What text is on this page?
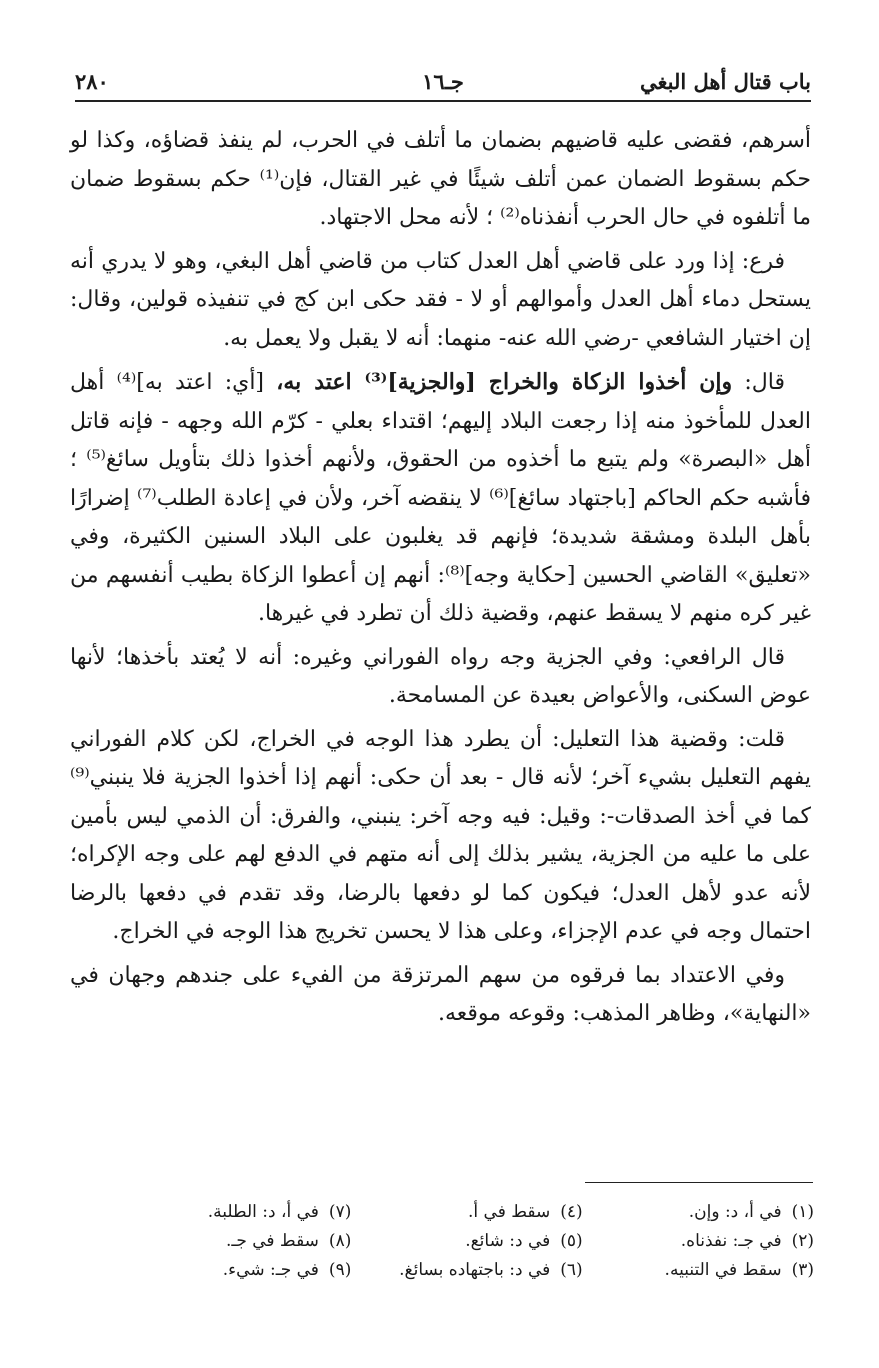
باب قتال أهل البغي
جـ١٦
٢٨٠

أسرهم، فقضى عليه قاضيهم بضمان ما أتلف في الحرب، لم ينفذ قضاؤه، وكذا لو حكم بسقوط الضمان عمن أتلف شيئًا في غير القتال، فإن⁽¹⁾ حكم بسقوط ضمان ما أتلفوه في حال الحرب أنفذناه⁽²⁾ ؛ لأنه محل الاجتهاد.

فرع: إذا ورد على قاضي أهل العدل كتاب من قاضي أهل البغي، وهو لا يدري أنه يستحل دماء أهل العدل وأموالهم أو لا - فقد حكى ابن كج في تنفيذه قولين، وقال: إن اختيار الشافعي -رضي الله عنه- منهما: أنه لا يقبل ولا يعمل به.

قال: وإن أخذوا الزكاة والخراج [والجزية]⁽³⁾ اعتد به، [أي: اعتد به]⁽⁴⁾ أهل العدل للمأخوذ منه إذا رجعت البلاد إليهم؛ اقتداء بعلي - كرّم الله وجهه - فإنه قاتل أهل «البصرة» ولم يتبع ما أخذوه من الحقوق، ولأنهم أخذوا ذلك بتأويل سائغ⁽⁵⁾ ؛ فأشبه حكم الحاكم [باجتهاد سائغ]⁽⁶⁾ لا ينقضه آخر، ولأن في إعادة الطلب⁽⁷⁾ إضرارًا بأهل البلدة ومشقة شديدة؛ فإنهم قد يغلبون على البلاد السنين الكثيرة، وفي «تعليق» القاضي الحسين [حكاية وجه]⁽⁸⁾: أنهم إن أعطوا الزكاة بطيب أنفسهم من غير كره منهم لا يسقط عنهم، وقضية ذلك أن تطرد في غيرها.

قال الرافعي: وفي الجزية وجه رواه الفوراني وغيره: أنه لا يُعتد بأخذها؛ لأنها عوض السكنى، والأعواض بعيدة عن المسامحة.

قلت: وقضية هذا التعليل: أن يطرد هذا الوجه في الخراج، لكن كلام الفوراني يفهم التعليل بشيء آخر؛ لأنه قال - بعد أن حكى: أنهم إذا أخذوا الجزية فلا ينبني⁽⁹⁾ كما في أخذ الصدقات-: وقيل: فيه وجه آخر: ينبني، والفرق: أن الذمي ليس بأمين على ما عليه من الجزية، يشير بذلك إلى أنه متهم في الدفع لهم على وجه الإكراه؛ لأنه عدو لأهل العدل؛ فيكون كما لو دفعها بالرضا، وقد تقدم في دفعها بالرضا احتمال وجه في عدم الإجزاء، وعلى هذا لا يحسن تخريج هذا الوجه في الخراج.

وفي الاعتداد بما فرقوه من سهم المرتزقة من الفيء على جندهم وجهان في «النهاية»، وظاهر المذهب: وقوعه موقعه.

(١)في أ، د: وإن.
(٤)سقط في أ.
(٧)في أ، د: الطلبة.
(٢)في جـ: نفذناه.
(٥)في د: شائع.
(٨)سقط في جـ.
(٣)سقط في التنبيه.
(٦)في د: باجتهاده بسائغ.
(٩)في جـ: شيء.
